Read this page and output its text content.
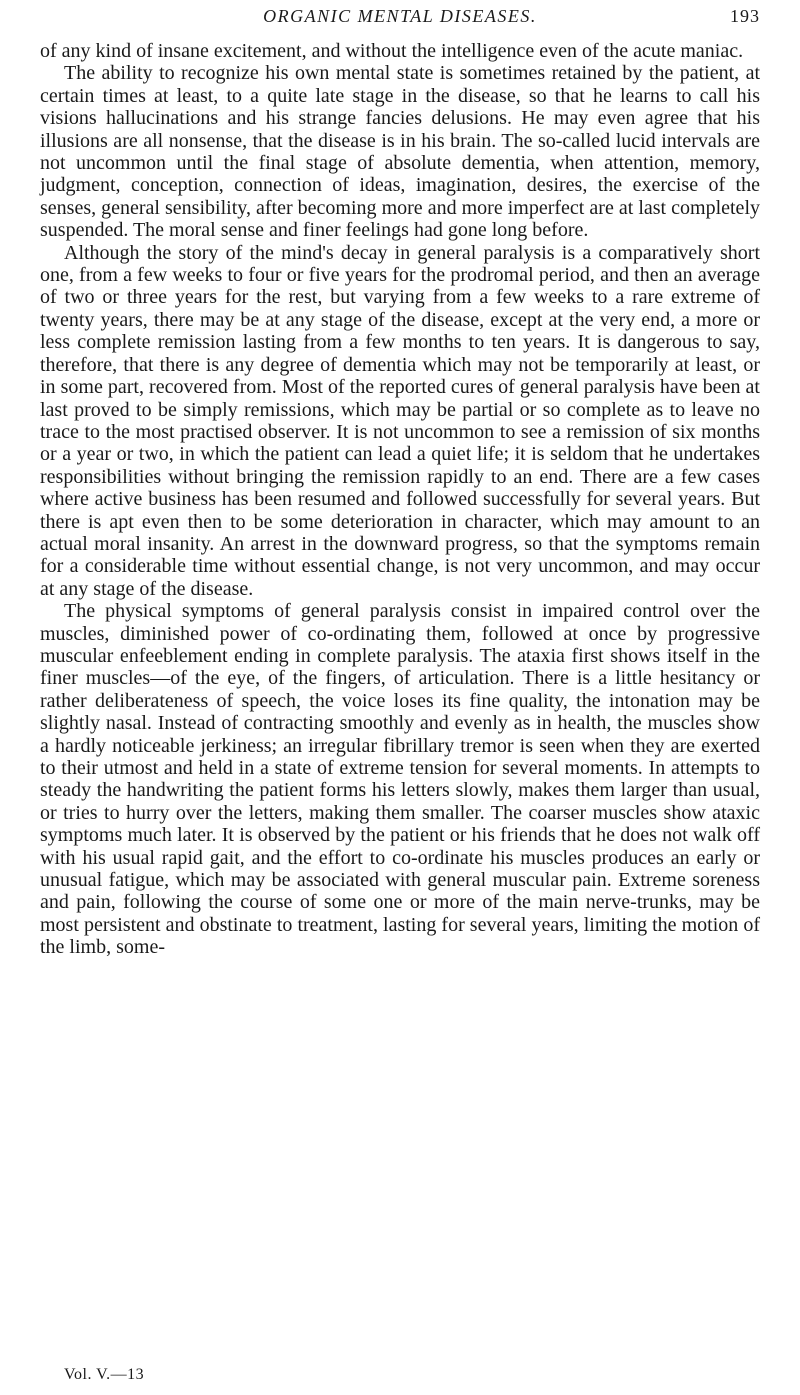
ORGANIC MENTAL DISEASES.	193

of any kind of insane excitement, and without the intelligence even of the acute maniac.

The ability to recognize his own mental state is sometimes retained by the patient, at certain times at least, to a quite late stage in the disease, so that he learns to call his visions hallucinations and his strange fancies delusions. He may even agree that his illusions are all nonsense, that the disease is in his brain. The so-called lucid intervals are not uncommon until the final stage of absolute dementia, when attention, memory, judgment, conception, connection of ideas, imagination, desires, the exercise of the senses, general sensibility, after becoming more and more imperfect are at last completely suspended. The moral sense and finer feelings had gone long before.

Although the story of the mind's decay in general paralysis is a comparatively short one, from a few weeks to four or five years for the prodromal period, and then an average of two or three years for the rest, but varying from a few weeks to a rare extreme of twenty years, there may be at any stage of the disease, except at the very end, a more or less complete remission lasting from a few months to ten years. It is dangerous to say, therefore, that there is any degree of dementia which may not be temporarily at least, or in some part, recovered from. Most of the reported cures of general paralysis have been at last proved to be simply remissions, which may be partial or so complete as to leave no trace to the most practised observer. It is not uncommon to see a remission of six months or a year or two, in which the patient can lead a quiet life; it is seldom that he undertakes responsibilities without bringing the remission rapidly to an end. There are a few cases where active business has been resumed and followed successfully for several years. But there is apt even then to be some deterioration in character, which may amount to an actual moral insanity. An arrest in the downward progress, so that the symptoms remain for a considerable time without essential change, is not very uncommon, and may occur at any stage of the disease.

The physical symptoms of general paralysis consist in impaired control over the muscles, diminished power of co-ordinating them, followed at once by progressive muscular enfeeblement ending in complete paralysis. The ataxia first shows itself in the finer muscles—of the eye, of the fingers, of articulation. There is a little hesitancy or rather deliberateness of speech, the voice loses its fine quality, the intonation may be slightly nasal. Instead of contracting smoothly and evenly as in health, the muscles show a hardly noticeable jerkiness; an irregular fibrillary tremor is seen when they are exerted to their utmost and held in a state of extreme tension for several moments. In attempts to steady the handwriting the patient forms his letters slowly, makes them larger than usual, or tries to hurry over the letters, making them smaller. The coarser muscles show ataxic symptoms much later. It is observed by the patient or his friends that he does not walk off with his usual rapid gait, and the effort to co-ordinate his muscles produces an early or unusual fatigue, which may be associated with general muscular pain. Extreme soreness and pain, following the course of some one or more of the main nerve-trunks, may be most persistent and obstinate to treatment, lasting for several years, limiting the motion of the limb, some-

Vol. V.—13
